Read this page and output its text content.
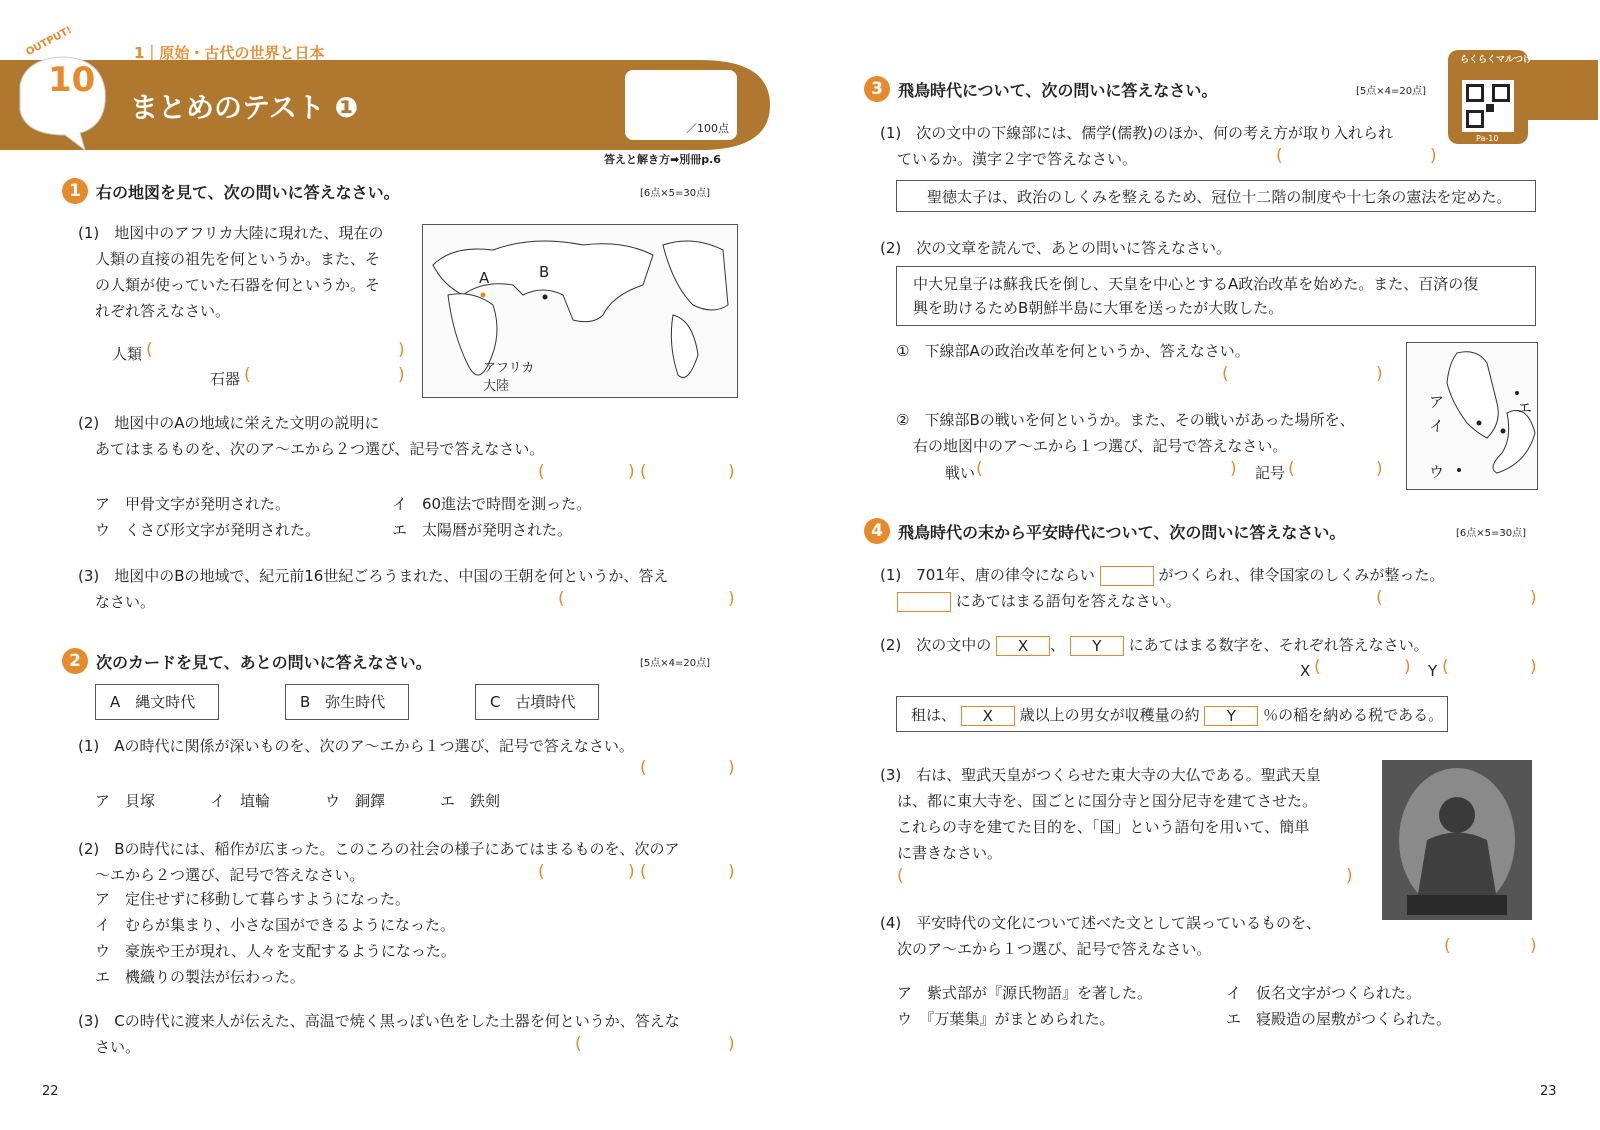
OUTPUT!
10
1｜原始・古代の世界と日本
まとめのテスト ❶
／100点
答えと解き方➡別冊p.6
らくらくマルつけ
Pa-10
1 右の地図を見て、次の問いに答えなさい。	[6点×5=30点]
(1)　地図中のアフリカ大陸に現れた、現在の
人類の直接の祖先を何というか。また、そ
の人類が使っていた石器を何というか。そ
れぞれ答えなさい。
人類 (	)
石器 (	)
A	B
アフリカ
大陸
(2)　地図中のAの地域に栄えた文明の説明に
あてはまるものを、次のア〜エから２つ選び、記号で答えなさい。
(	) (	)
ア　甲骨文字が発明された。	イ　60進法で時間を測った。
ウ　くさび形文字が発明された。	エ　太陽暦が発明された。
(3)　地図中のBの地域で、紀元前16世紀ごろうまれた、中国の王朝を何というか、答え
なさい。	(	)
2 次のカードを見て、あとの問いに答えなさい。	[5点×4=20点]
A　縄文時代	B　弥生時代	C　古墳時代
(1)　Aの時代に関係が深いものを、次のア〜エから１つ選び、記号で答えなさい。
(	)
ア　貝塚	イ　埴輪	ウ　銅鐸	エ　鉄剣
(2)　Bの時代には、稲作が広まった。このころの社会の様子にあてはまるものを、次のア
〜エから２つ選び、記号で答えなさい。	(	) (	)
ア　定住せずに移動して暮らすようになった。
イ　むらが集まり、小さな国ができるようになった。
ウ　豪族や王が現れ、人々を支配するようになった。
エ　機織りの製法が伝わった。
(3)　Cの時代に渡来人が伝えた、高温で焼く黒っぽい色をした土器を何というか、答えな
さい。	(	)
22	23
3 飛鳥時代について、次の問いに答えなさい。	[5点×4=20点]
(1)　次の文中の下線部には、儒学(儒教)のほか、何の考え方が取り入れられ
ているか。漢字２字で答えなさい。	(	)
聖徳太子は、政治のしくみを整えるため、冠位十二階の制度や十七条の憲法を定めた。
(2)　次の文章を読んで、あとの問いに答えなさい。
中大兄皇子は蘇我氏を倒し、天皇を中心とするA政治改革を始めた。また、百済の復
興を助けるためB朝鮮半島に大軍を送ったが大敗した。
①　下線部Aの政治改革を何というか、答えなさい。
(	)
②　下線部Bの戦いを何というか。また、その戦いがあった場所を、
右の地図中のア〜エから１つ選び、記号で答えなさい。
戦い (	) 記号 (	)
ア
イ
ウ
エ
4 飛鳥時代の末から平安時代について、次の問いに答えなさい。	[6点×5=30点]
(1)　701年、唐の律令にならい	がつくられ、律令国家のしくみが整った。
にあてはまる語句を答えなさい。	(	)
(2)　次の文中の X 、 Y にあてはまる数字を、それぞれ答えなさい。
X (	) Y (	)
租は、 X 歳以上の男女が収穫量の約 Y ％の稲を納める税である。
(3)　右は、聖武天皇がつくらせた東大寺の大仏である。聖武天皇
は、都に東大寺を、国ごとに国分寺と国分尼寺を建てさせた。
これらの寺を建てた目的を、「国」という語句を用いて、簡単
に書きなさい。
(	)
(4)　平安時代の文化について述べた文として誤っているものを、
次のア〜エから１つ選び、記号で答えなさい。	(	)
ア　紫式部が『源氏物語』を著した。	イ　仮名文字がつくられた。
ウ　『万葉集』がまとめられた。	エ　寝殿造の屋敷がつくられた。
